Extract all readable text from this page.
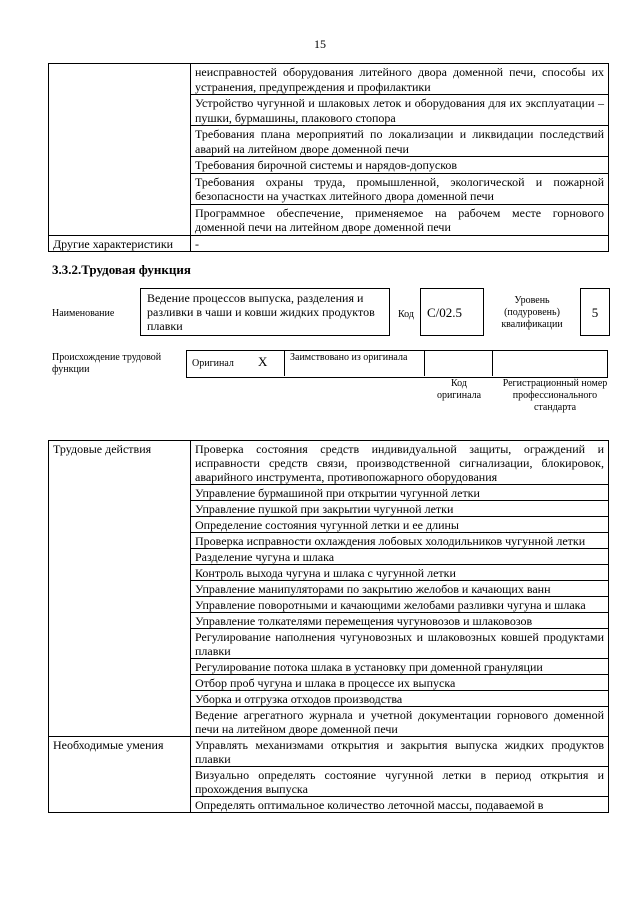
15
	неисправностей оборудования литейного двора доменной печи, способы их устранения, предупреждения и профилактики
	Устройство чугунной и шлаковых леток и оборудования для их эксплуатации – пушки, бурмашины, плакового стопора
	Требования плана мероприятий по локализации и ликвидации последствий аварий на литейном дворе доменной печи
	Требования бирочной системы и нарядов-допусков
	Требования охраны труда, промышленной, экологической и пожарной безопасности на участках литейного двора доменной печи
	Программное обеспечение, применяемое на рабочем месте горнового доменной печи на литейном дворе доменной печи
Другие характеристики	-
3.3.2.Трудовая функция
Наименование
Ведение процессов выпуска, разделения и разливки в чаши и ковши жидких продуктов плавки
Код	С/02.5
Уровень (подуровень) квалификации
5
Происхождение трудовой функции
Оригинал X Заимствовано из оригинала
Код оригинала
Регистрационный номер профессионального стандарта
Трудовые действия	Проверка состояния средств индивидуальной защиты, ограждений и исправности средств связи, производственной сигнализации, блокировок, аварийного инструмента, противопожарного оборудования
	Управление бурмашиной при открытии чугунной летки
	Управление пушкой при закрытии чугунной летки
	Определение состояния чугунной летки и ее длины
	Проверка исправности охлаждения лобовых холодильников чугунной летки
	Разделение чугуна и шлака
	Контроль выхода чугуна и шлака с чугунной летки
	Управление манипуляторами по закрытию желобов и качающих ванн
	Управление поворотными и качающими желобами разливки чугуна и шлака
	Управление толкателями перемещения чугуновозов и шлаковозов
	Регулирование наполнения чугуновозных и шлаковозных ковшей продуктами плавки
	Регулирование потока шлака в установку при доменной грануляции
	Отбор проб чугуна и шлака в процессе их выпуска
	Уборка и отгрузка отходов производства
	Ведение агрегатного журнала и учетной документации горнового доменной печи на литейном дворе доменной печи
Необходимые умения	Управлять механизмами открытия и закрытия выпуска жидких продуктов плавки
	Визуально определять состояние чугунной летки в период открытия и прохождения выпуска
	Определять оптимальное количество леточной массы, подаваемой в
